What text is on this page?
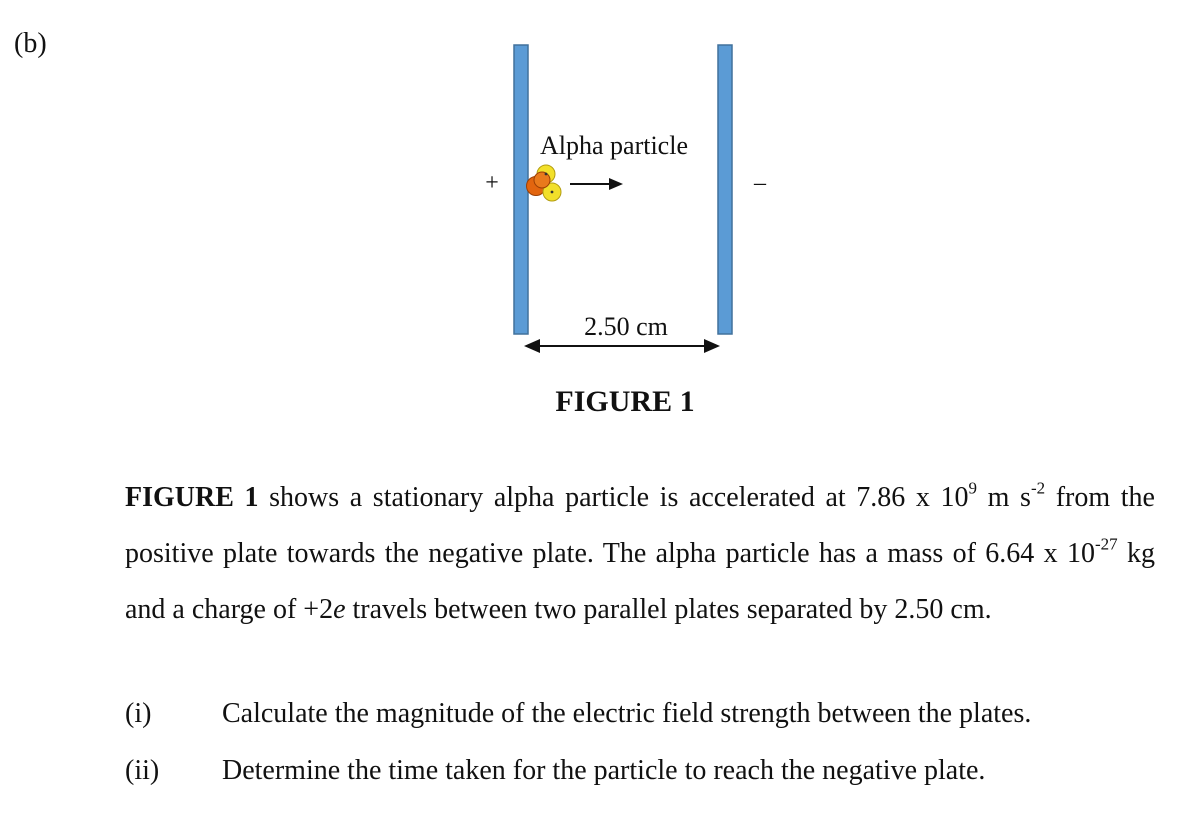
(b)
+	–
Alpha particle
2.50 cm
FIGURE 1
FIGURE 1 shows a stationary alpha particle is accelerated at 7.86 x $10^9$ m $s^{-2}$ from the positive plate towards the negative plate. The alpha particle has a mass of 6.64 x $10^{-27}$ kg and a charge of +2e travels between two parallel plates separated by 2.50 cm.
(i)	Calculate the magnitude of the electric field strength between the plates.
(ii) Determine the time taken for the particle to reach the negative plate.
